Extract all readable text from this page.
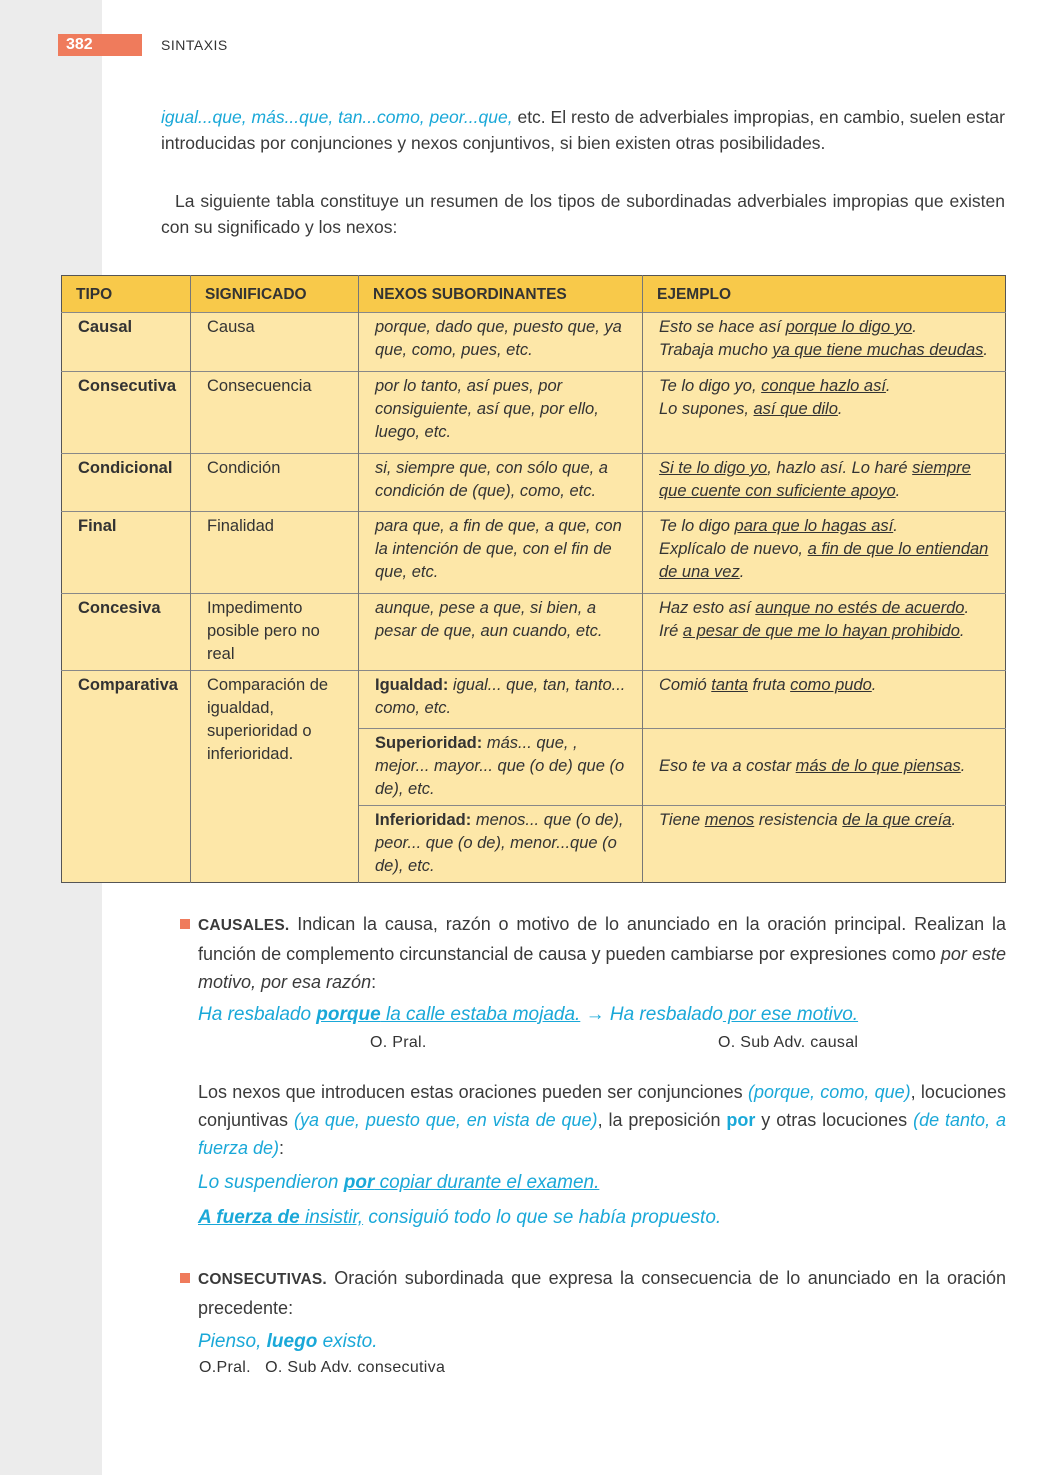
382	SINTAXIS
igual...que, más...que, tan...como, peor...que, etc. El resto de adverbiales impropias, en cambio, suelen estar introducidas por conjunciones y nexos conjuntivos, si bien existen otras posibilidades.
La siguiente tabla constituye un resumen de los tipos de subordinadas adverbiales impropias que existen con su significado y los nexos:
TIPO	SIGNIFICADO	NEXOS SUBORDINANTES	EJEMPLO
Causal	Causa	porque, dado que, puesto que, ya que, como, pues, etc.	Esto se hace así porque lo digo yo.
Trabaja mucho ya que tiene muchas deudas.
Consecutiva	Consecuencia	por lo tanto, así pues, por consiguiente, así que, por ello, luego, etc.	Te lo digo yo, conque hazlo así.
Lo supones, así que dilo.
Condicional	Condición	si, siempre que, con sólo que, a condición de (que), como, etc.	Si te lo digo yo, hazlo así. Lo haré siempre que cuente con suficiente apoyo.
Final	Finalidad	para que, a fin de que, a que, con la intención de que, con el fin de que, etc.	Te lo digo para que lo hagas así.
Explícalo de nuevo, a fin de que lo entiendan de una vez.
Concesiva	Impedimento posible pero no real	aunque, pese a que, si bien, a pesar de que, aun cuando, etc.	Haz esto así aunque no estés de acuerdo.
Iré a pesar de que me lo hayan prohibido.
Comparativa	Comparación de igualdad, superioridad o inferioridad.	Igualdad: igual... que, tan, tanto... como, etc.	Comió tanta fruta como pudo.
		Superioridad: más... que, , mejor... mayor... que (o de) que (o de), etc.	Eso te va a costar más de lo que piensas.
		Inferioridad: menos... que (o de), peor... que (o de), menor...que (o de), etc.	Tiene menos resistencia de la que creía.
CAUSALES. Indican la causa, razón o motivo de lo anunciado en la oración principal. Realizan la función de complemento circunstancial de causa y pueden cambiarse por expresiones como por este motivo, por esa razón:
Ha resbalado porque la calle estaba mojada. → Ha resbalado por ese motivo.
O. Pral.	O. Sub Adv. causal
Los nexos que introducen estas oraciones pueden ser conjunciones (porque, como, que), locuciones conjuntivas (ya que, puesto que, en vista de que), la preposición por y otras locuciones (de tanto, a fuerza de):
Lo suspendieron por copiar durante el examen.
A fuerza de insistir, consiguió todo lo que se había propuesto.
CONSECUTIVAS. Oración subordinada que expresa la consecuencia de lo anunciado en la oración precedente:
Pienso, luego existo.
O.Pral.   O. Sub Adv. consecutiva
